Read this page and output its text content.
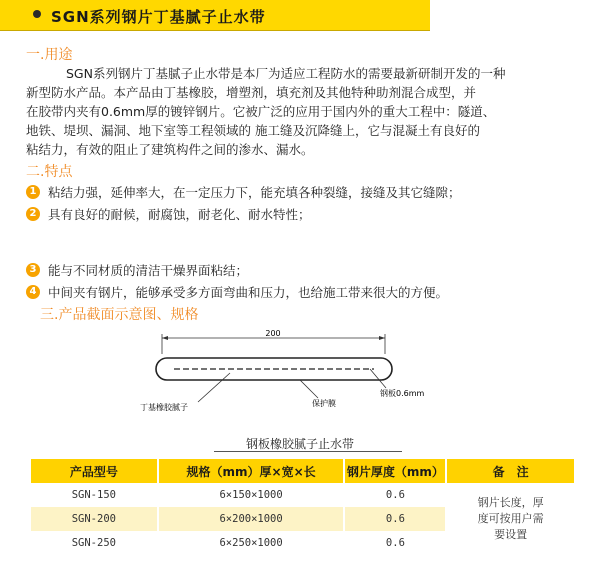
SGN系列钢片丁基腻子止水带
一.用途

SGN系列钢片丁基腻子止水带是本厂为适应工程防水的需要最新研制开发的一种

新型防水产品。本产品由丁基橡胶，增塑剂，填充剂及其他特种助剂混合成型，并

在胶带内夹有0.6mm厚的镀锌钢片。它被广泛的应用于国内外的重大工程中：隧道、

地铁、堤坝、漏洞、地下室等工程领域的 施工缝及沉降缝上，它与混凝土有良好的

粘结力，有效的阻止了建筑构件之间的渗水、漏水。

二.特点
1 粘结力强，延伸率大，在一定压力下，能充填各种裂缝，接缝及其它缝隙；
2 具有良好的耐候，耐腐蚀，耐老化、耐水特性；
3 能与不同材质的清洁干燥界面粘结；
4 中间夹有钢片，能够承受多方面弯曲和压力，也给施工带来很大的方便。
三.产品截面示意图、规格
200
丁基橡胶腻子	保护膜
钢板0.6mm
钢板橡胶腻子止水带
产品型号	规格（mm）厚×宽×长	钢片厚度（mm）	备　注
SGN-150	6×150×1000	0.6	钢片长度，厚
度可按用户需
要设置

SGN-200	6×200×1000	0.6	
SGN-250	6×250×1000	0.6	
